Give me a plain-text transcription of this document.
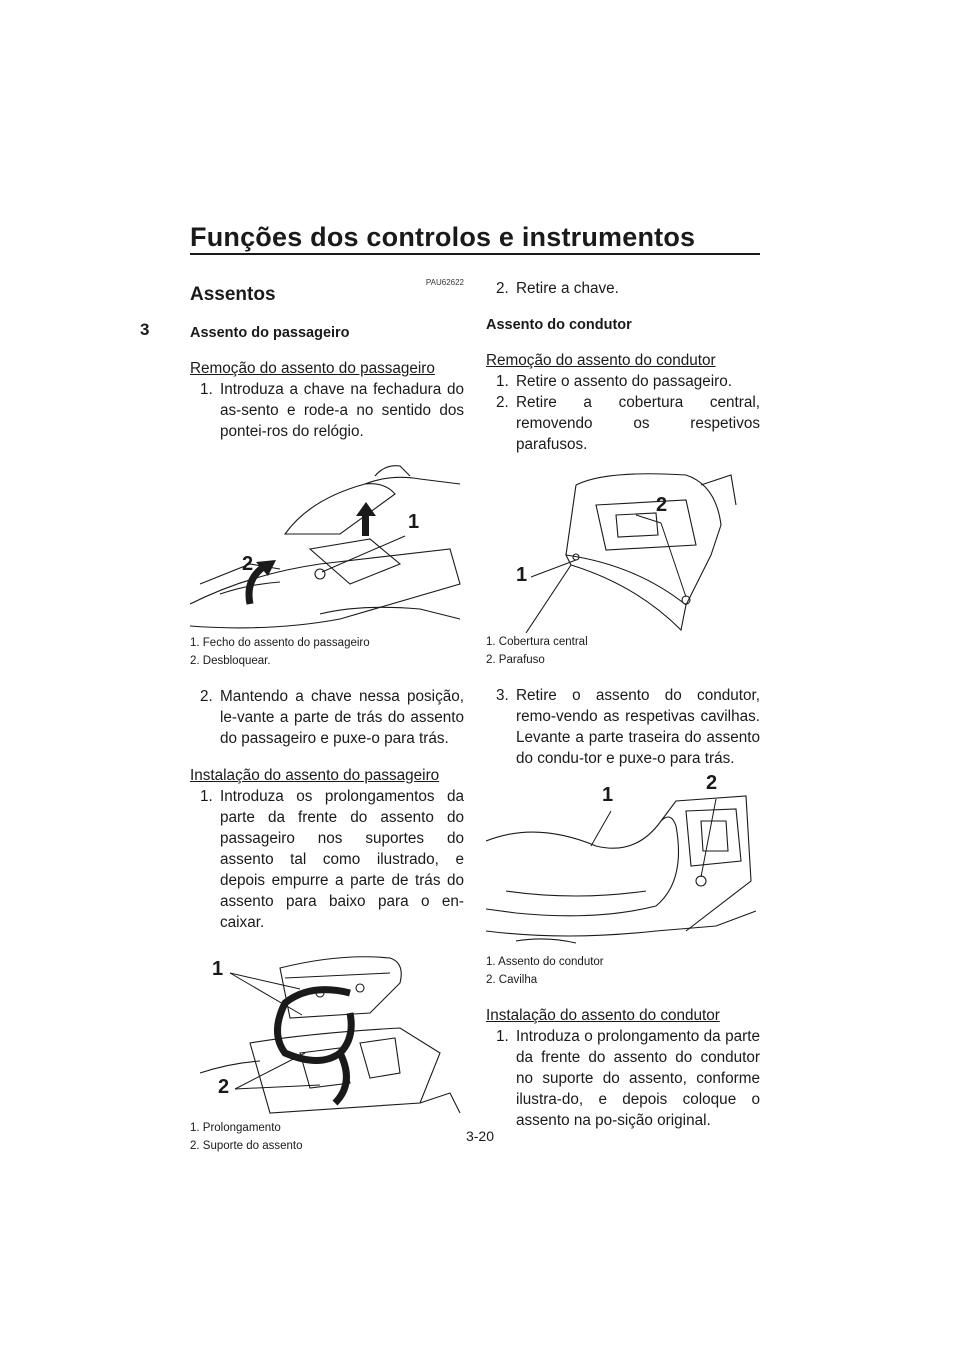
Funções dos controlos e instrumentos
3

PAU62622

Assentos
Assento do passageiro

Remoção do assento do passageiro

1. Introduza a chave na fechadura do as-sento e rode-a no sentido dos pontei-ros do relógio.

1
2

1. Fecho do assento do passageiro

2. Desbloquear.

2. Mantendo a chave nessa posição, le-vante a parte de trás do assento do passageiro e puxe-o para trás.

Instalação do assento do passageiro

1. Introduza os prolongamentos da parte da frente do assento do passageiro nos suportes do assento tal como ilustrado, e depois empurre a parte de trás do assento para baixo para o en-caixar.

1
2

1. Prolongamento

2. Suporte do assento

2. Retire a chave.

Assento do condutor

Remoção do assento do condutor

1. Retire o assento do passageiro.

2. Retire a cobertura central, removendo os respetivos parafusos.

1
2

1. Cobertura central

2. Parafuso

3. Retire o assento do condutor, remo-vendo as respetivas cavilhas. Levante a parte traseira do assento do condu-tor e puxe-o para trás.

1
2

1. Assento do condutor

2. Cavilha

Instalação do assento do condutor

1. Introduza o prolongamento da parte da frente do assento do condutor no suporte do assento, conforme ilustra-do, e depois coloque o assento na po-sição original.

3-20
